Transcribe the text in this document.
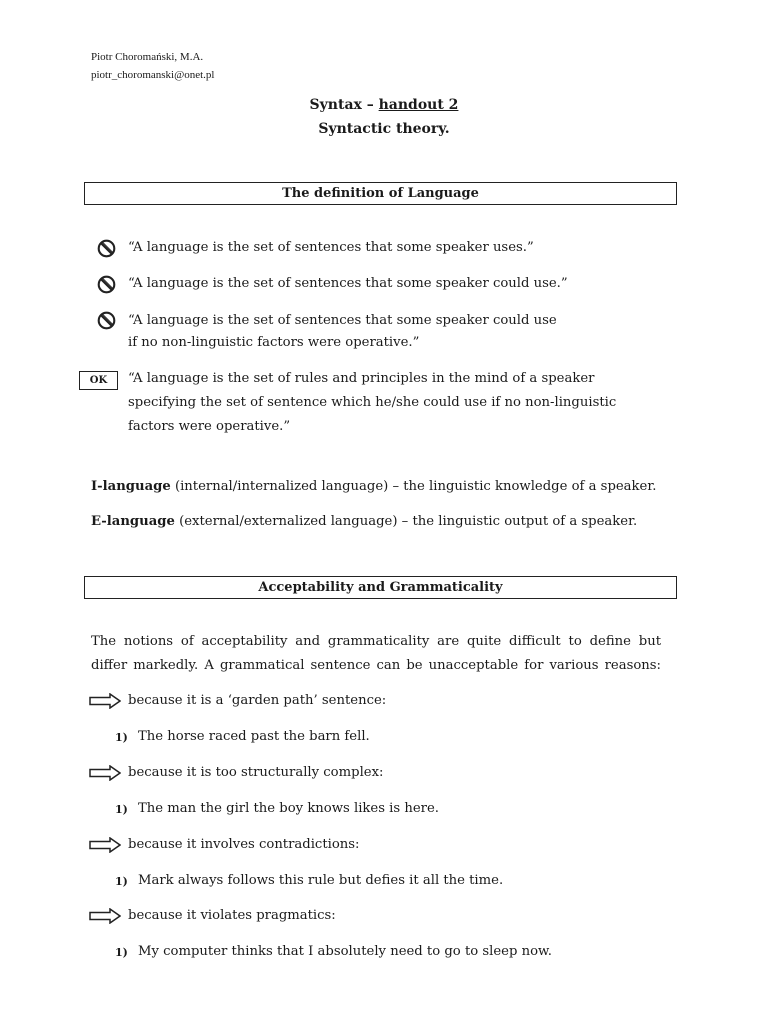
Piotr Choromański, M.A.
piotr_choromanski@onet.pl
Syntax – handout 2
Syntactic theory.
The definition of Language
“A language is the set of sentences that some speaker uses.”
“A language is the set of sentences that some speaker could use.”
“A language is the set of sentences that some speaker could use
if no non-linguistic factors were operative.”
OK	“A language is the set of rules and principles in the mind of a speaker
specifying the set of sentence which he/she could use if no non-linguistic
factors were operative.”
I-language (internal/internalized language) – the linguistic knowledge of a speaker.
E-language (external/externalized language) – the linguistic output of a speaker.
Acceptability and Grammaticality
The notions of acceptability and grammaticality are quite difficult to define but
differ markedly. A grammatical sentence can be unacceptable for various reasons:
because it is a ‘garden path’ sentence:
1) The horse raced past the barn fell.
because it is too structurally complex:
1) The man the girl the boy knows likes is here.
because it involves contradictions:
1) Mark always follows this rule but defies it all the time.
because it violates pragmatics:
1) My computer thinks that I absolutely need to go to sleep now.
